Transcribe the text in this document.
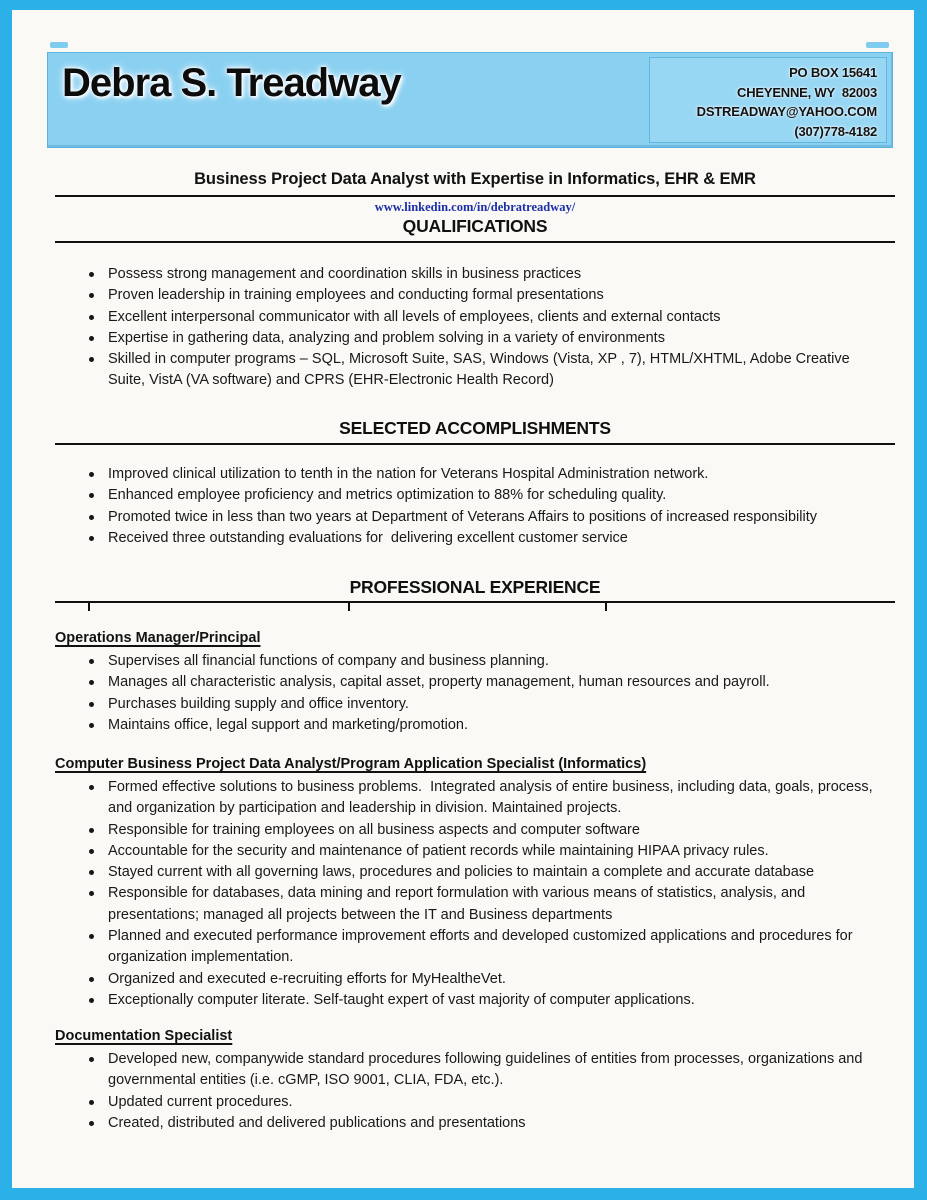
Debra S. Treadway	PO BOX 15641
CHEYENNE, WY  82003
DSTREADWAY@YAHOO.COM
(307)778-4182
Business Project Data Analyst with Expertise in Informatics, EHR & EMR
www.linkedin.com/in/debratreadway/
QUALIFICATIONS
Possess strong management and coordination skills in business practices
Proven leadership in training employees and conducting formal presentations
Excellent interpersonal communicator with all levels of employees, clients and external contacts
Expertise in gathering data, analyzing and problem solving in a variety of environments
Skilled in computer programs – SQL, Microsoft Suite, SAS, Windows (Vista, XP , 7), HTML/XHTML, Adobe Creative Suite, VistA (VA software) and CPRS (EHR-Electronic Health Record)
SELECTED ACCOMPLISHMENTS
Improved clinical utilization to tenth in the nation for Veterans Hospital Administration network.
Enhanced employee proficiency and metrics optimization to 88% for scheduling quality.
Promoted twice in less than two years at Department of Veterans Affairs to positions of increased responsibility
Received three outstanding evaluations for  delivering excellent customer service
PROFESSIONAL EXPERIENCE
Operations Manager/Principal
Supervises all financial functions of company and business planning.
Manages all characteristic analysis, capital asset, property management, human resources and payroll.
Purchases building supply and office inventory.
Maintains office, legal support and marketing/promotion.
Computer Business Project Data Analyst/Program Application Specialist (Informatics)
Formed effective solutions to business problems.  Integrated analysis of entire business, including data, goals, process, and organization by participation and leadership in division. Maintained projects.
Responsible for training employees on all business aspects and computer software
Accountable for the security and maintenance of patient records while maintaining HIPAA privacy rules.
Stayed current with all governing laws, procedures and policies to maintain a complete and accurate database
Responsible for databases, data mining and report formulation with various means of statistics, analysis, and presentations; managed all projects between the IT and Business departments
Planned and executed performance improvement efforts and developed customized applications and procedures for organization implementation.
Organized and executed e-recruiting efforts for MyHealtheVet.
Exceptionally computer literate. Self-taught expert of vast majority of computer applications.
Documentation Specialist
Developed new, companywide standard procedures following guidelines of entities from processes, organizations and governmental entities (i.e. cGMP, ISO 9001, CLIA, FDA, etc.).
Updated current procedures.
Created, distributed and delivered publications and presentations
